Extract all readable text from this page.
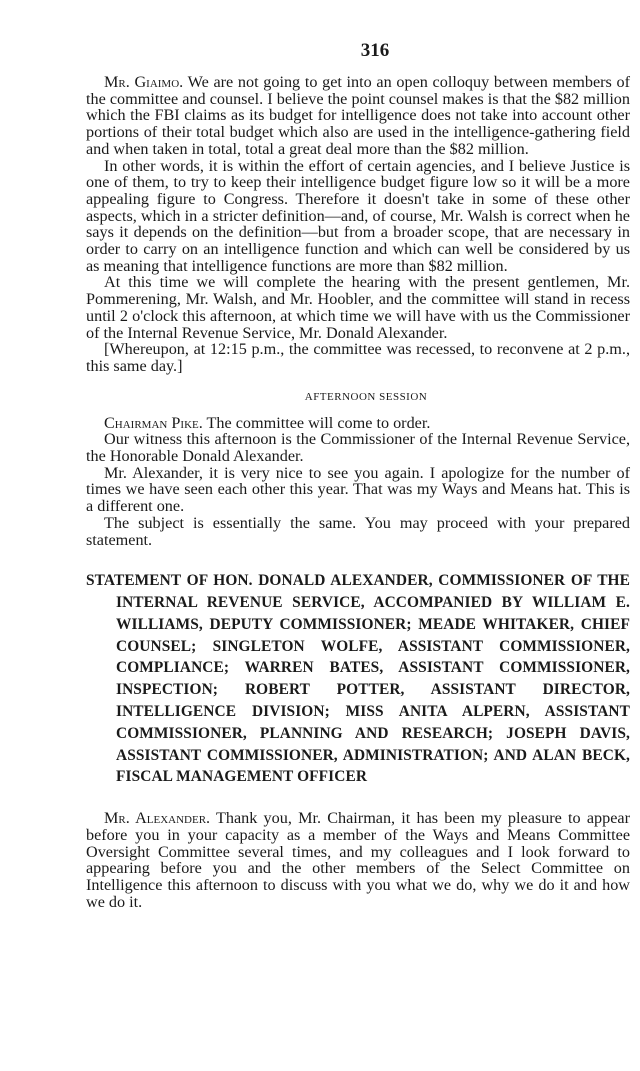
316

Mr. Giaimo. We are not going to get into an open colloquy between members of the committee and counsel. I believe the point counsel makes is that the $82 million which the FBI claims as its budget for intelligence does not take into account other portions of their total budget which also are used in the intelligence-gathering field and when taken in total, total a great deal more than the $82 million.

In other words, it is within the effort of certain agencies, and I believe Justice is one of them, to try to keep their intelligence budget figure low so it will be a more appealing figure to Congress. Therefore it doesn't take in some of these other aspects, which in a stricter definition—and, of course, Mr. Walsh is correct when he says it depends on the definition—but from a broader scope, that are necessary in order to carry on an intelligence function and which can well be considered by us as meaning that intelligence functions are more than $82 million.

At this time we will complete the hearing with the present gentlemen, Mr. Pommerening, Mr. Walsh, and Mr. Hoobler, and the committee will stand in recess until 2 o'clock this afternoon, at which time we will have with us the Commissioner of the Internal Revenue Service, Mr. Donald Alexander.

[Whereupon, at 12:15 p.m., the committee was recessed, to reconvene at 2 p.m., this same day.]

AFTERNOON SESSION

Chairman Pike. The committee will come to order.

Our witness this afternoon is the Commissioner of the Internal Revenue Service, the Honorable Donald Alexander.

Mr. Alexander, it is very nice to see you again. I apologize for the number of times we have seen each other this year. That was my Ways and Means hat. This is a different one.

The subject is essentially the same. You may proceed with your prepared statement.

STATEMENT OF HON. DONALD ALEXANDER, COMMISSIONER OF THE INTERNAL REVENUE SERVICE, ACCOMPANIED BY WILLIAM E. WILLIAMS, DEPUTY COMMISSIONER; MEADE WHITAKER, CHIEF COUNSEL; SINGLETON WOLFE, ASSISTANT COMMISSIONER, COMPLIANCE; WARREN BATES, ASSISTANT COMMISSIONER, INSPECTION; ROBERT POTTER, ASSISTANT DIRECTOR, INTELLIGENCE DIVISION; MISS ANITA ALPERN, ASSISTANT COMMISSIONER, PLANNING AND RESEARCH; JOSEPH DAVIS, ASSISTANT COMMISSIONER, ADMINISTRATION; AND ALAN BECK, FISCAL MANAGEMENT OFFICER

Mr. Alexander. Thank you, Mr. Chairman, it has been my pleasure to appear before you in your capacity as a member of the Ways and Means Committee Oversight Committee several times, and my colleagues and I look forward to appearing before you and the other members of the Select Committee on Intelligence this afternoon to discuss with you what we do, why we do it and how we do it.
